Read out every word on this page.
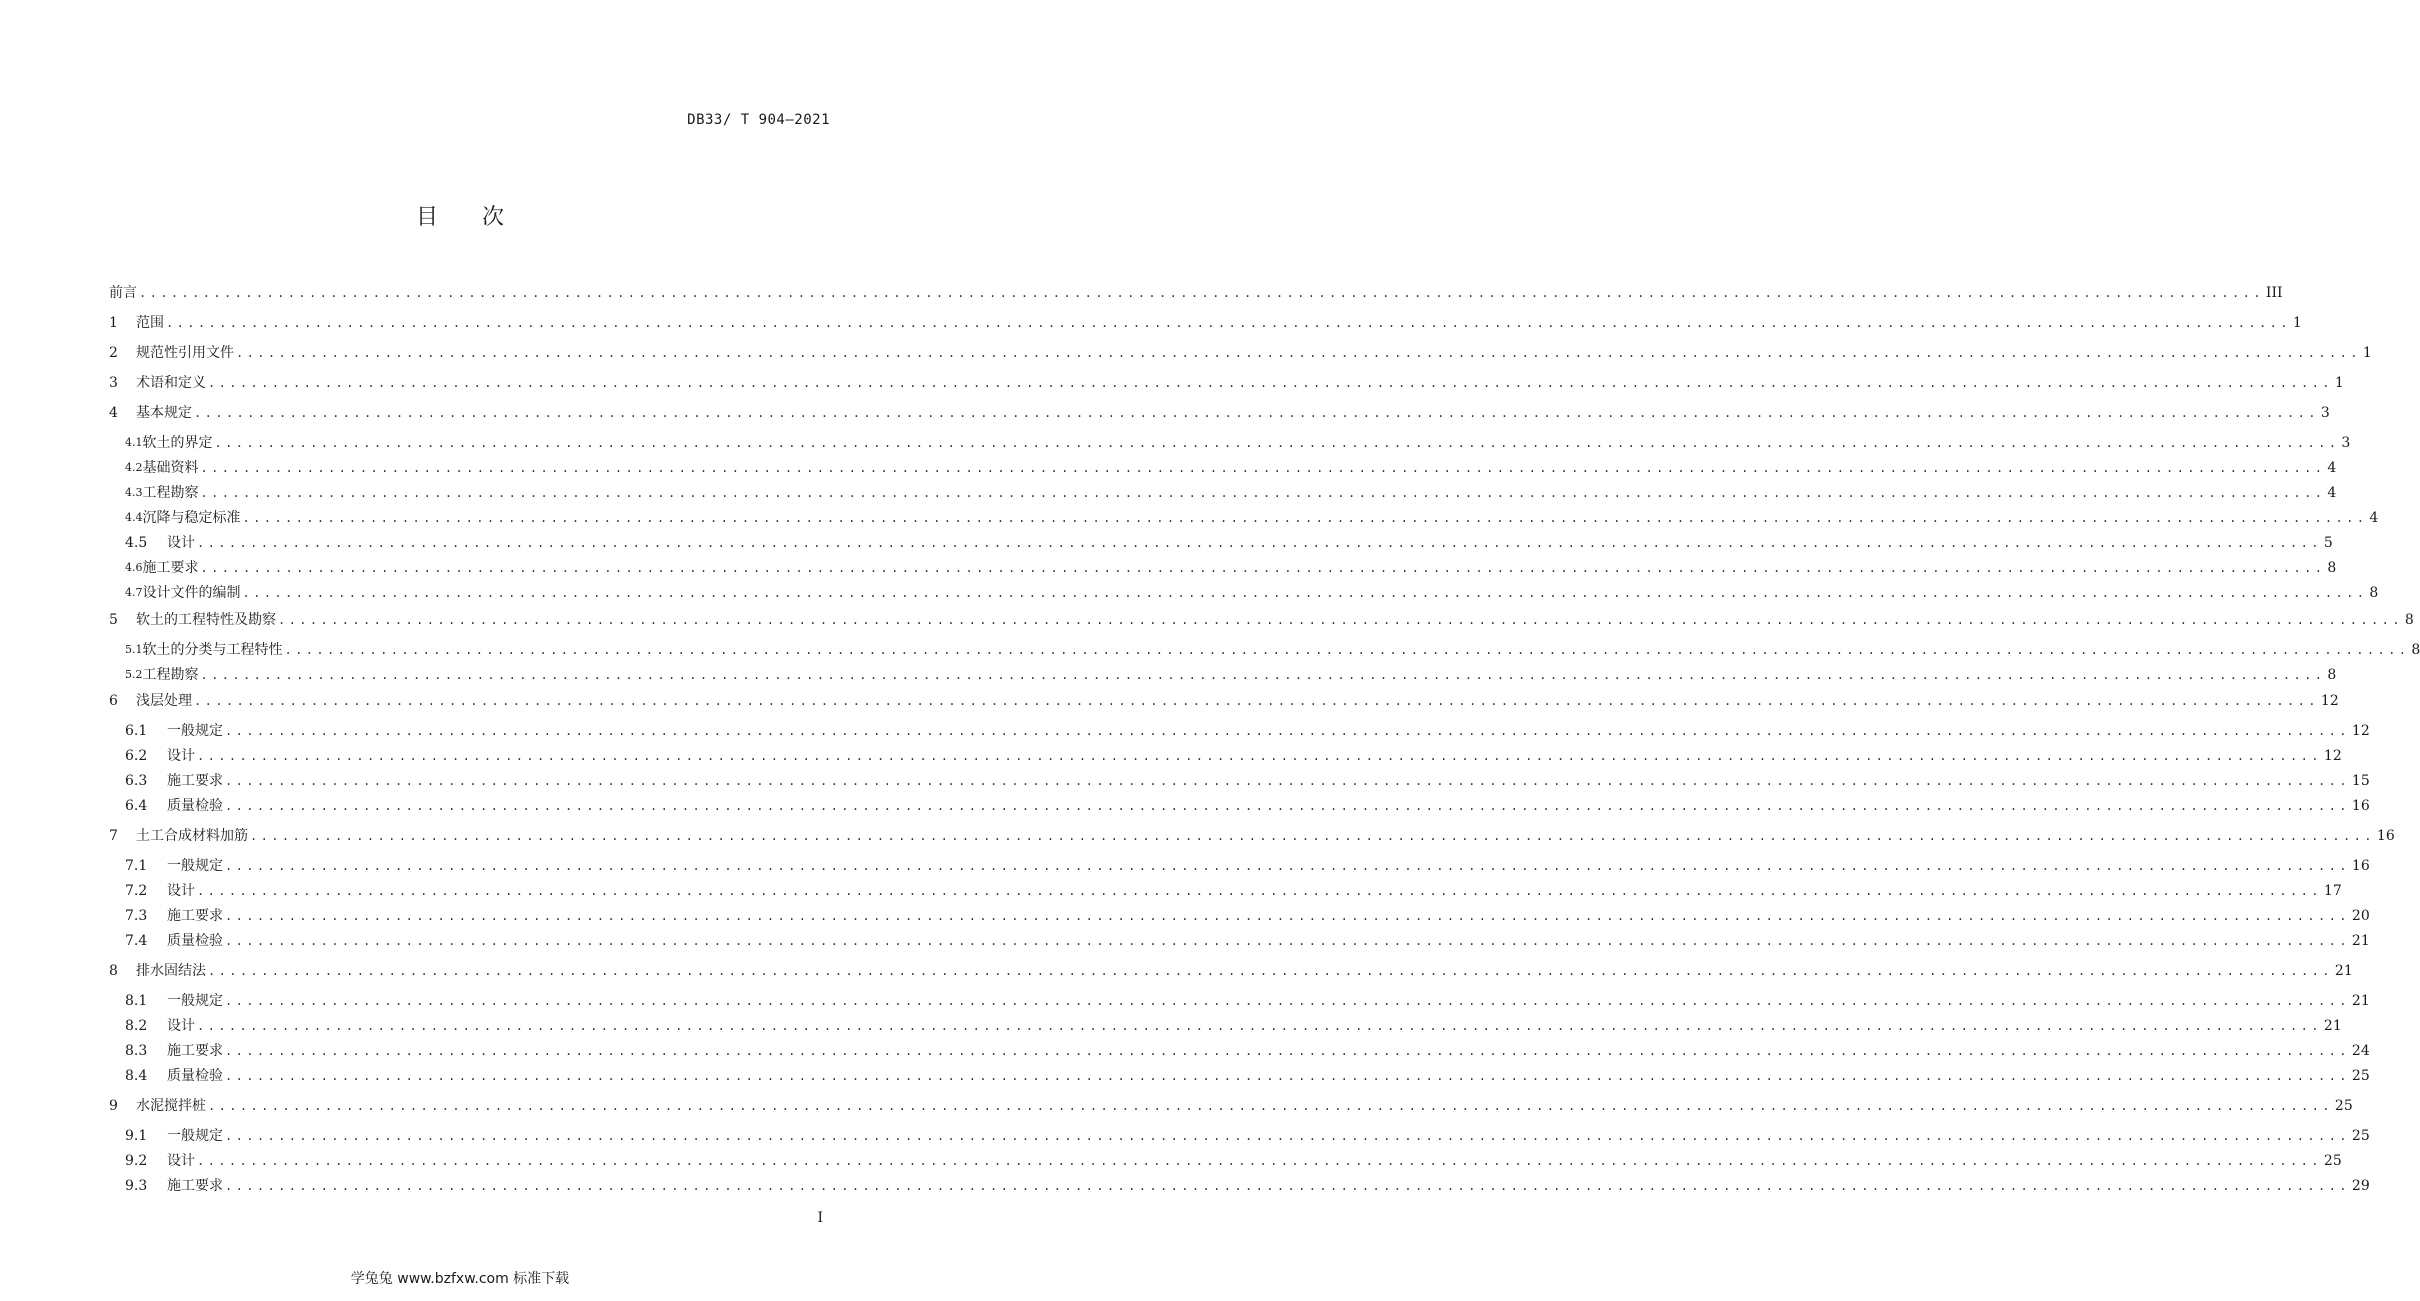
DB33/ T 904—2021
目 次
前言 ........................................................................................................................................................................................................ III
1	范围 ........................................................................................................................................................................................................ 1
2	规范性引用文件 ........................................................................................................................................................................................................ 1
3	术语和定义 ........................................................................................................................................................................................................ 1
4	基本规定 ........................................................................................................................................................................................................ 3
4.1 软土的界定 ........................................................................................................................................................................................................ 3
4.2 基础资料 ........................................................................................................................................................................................................ 4
4.3 工程勘察 ........................................................................................................................................................................................................ 4
4.4 沉降与稳定标准 ........................................................................................................................................................................................................ 4
4.5	设计 ........................................................................................................................................................................................................ 5
4.6 施工要求 ........................................................................................................................................................................................................ 8
4.7 设计文件的编制 ........................................................................................................................................................................................................ 8
5	软土的工程特性及勘察 ........................................................................................................................................................................................................ 8
5.1 软土的分类与工程特性 ........................................................................................................................................................................................................ 8
5.2 工程勘察 ........................................................................................................................................................................................................ 8
6	浅层处理 ........................................................................................................................................................................................................ 12
6.1	一般规定 ........................................................................................................................................................................................................ 12
6.2	设计 ........................................................................................................................................................................................................ 12
6.3	施工要求 ........................................................................................................................................................................................................ 15
6.4	质量检验 ........................................................................................................................................................................................................ 16
7	土工合成材料加筋 ........................................................................................................................................................................................................ 16
7.1	一般规定 ........................................................................................................................................................................................................ 16
7.2	设计 ........................................................................................................................................................................................................ 17
7.3	施工要求 ........................................................................................................................................................................................................ 20
7.4	质量检验 ........................................................................................................................................................................................................ 21
8	排水固结法 ........................................................................................................................................................................................................ 21
8.1	一般规定 ........................................................................................................................................................................................................ 21
8.2	设计 ........................................................................................................................................................................................................ 21
8.3	施工要求 ........................................................................................................................................................................................................ 24
8.4	质量检验 ........................................................................................................................................................................................................ 25
9	水泥搅拌桩 ........................................................................................................................................................................................................ 25
9.1	一般规定 ........................................................................................................................................................................................................ 25
9.2	设计 ........................................................................................................................................................................................................ 25
9.3	施工要求 ........................................................................................................................................................................................................ 29
I
学兔兔 www.bzfxw.com 标准下载
